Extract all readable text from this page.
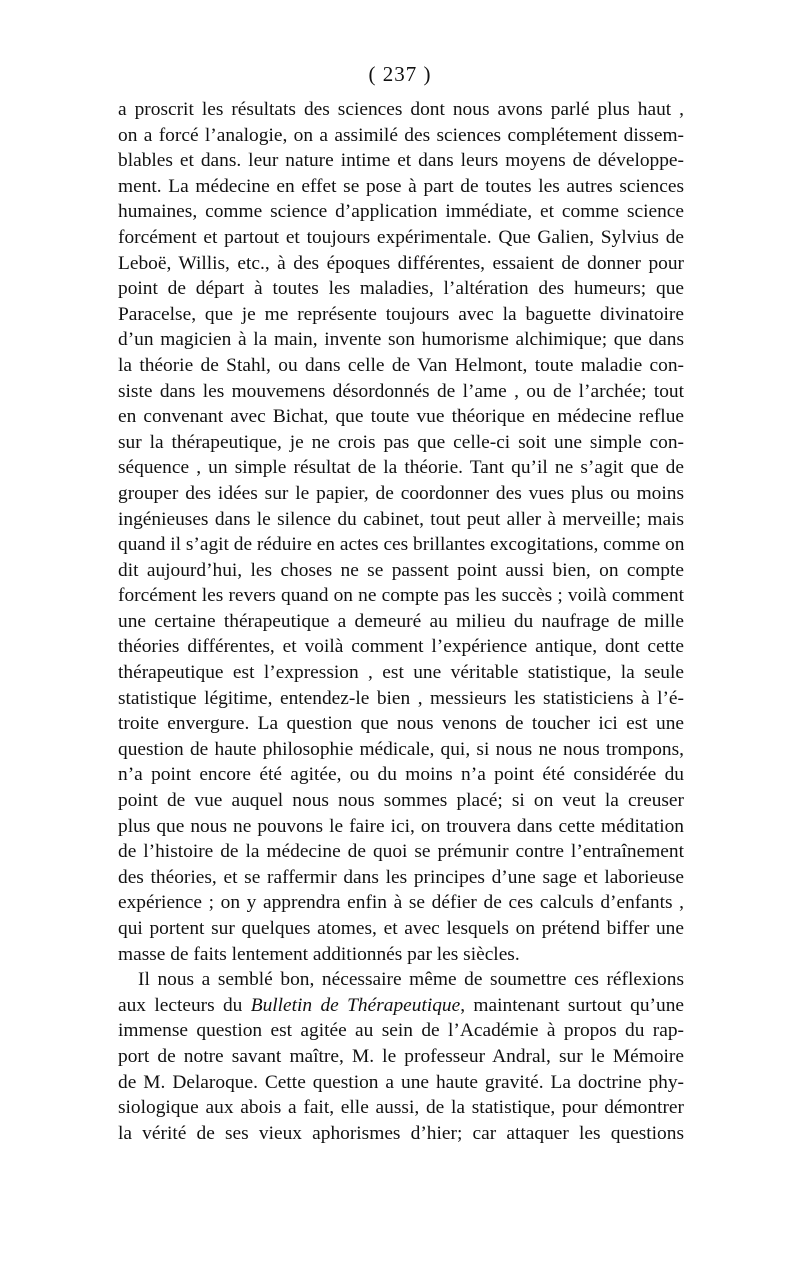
( 237 )
a proscrit les résultats des sciences dont nous avons parlé plus haut ,
on a forcé l’analogie, on a assimilé des sciences complétement dissem-
blables et dans. leur nature intime et dans leurs moyens de développe-
ment. La médecine en effet se pose à part de toutes les autres sciences
humaines, comme science d’application immédiate, et comme science
forcément et partout et toujours expérimentale. Que Galien, Sylvius de
Leboë, Willis, etc., à des époques différentes, essaient de donner pour
point de départ à toutes les maladies, l’altération des humeurs; que
Paracelse, que je me représente toujours avec la baguette divinatoire
d’un magicien à la main, invente son humorisme alchimique; que dans
la théorie de Stahl, ou dans celle de Van Helmont, toute maladie con-
siste dans les mouvemens désordonnés de l’ame , ou de l’archée; tout
en convenant avec Bichat, que toute vue théorique en médecine reflue
sur la thérapeutique, je ne crois pas que celle-ci soit une simple con-
séquence , un simple résultat de la théorie. Tant qu’il ne s’agit que de
grouper des idées sur le papier, de coordonner des vues plus ou moins
ingénieuses dans le silence du cabinet, tout peut aller à merveille; mais
quand il s’agit de réduire en actes ces brillantes excogitations, comme on
dit aujourd’hui, les choses ne se passent point aussi bien, on compte
forcément les revers quand on ne compte pas les succès ; voilà comment
une certaine thérapeutique a demeuré au milieu du naufrage de mille
théories différentes, et voilà comment l’expérience antique, dont cette
thérapeutique est l’expression , est une véritable statistique, la seule
statistique légitime, entendez-le bien , messieurs les statisticiens à l’é-
troite envergure. La question que nous venons de toucher ici est une
question de haute philosophie médicale, qui, si nous ne nous trompons,
n’a point encore été agitée, ou du moins n’a point été considérée du
point de vue auquel nous nous sommes placé; si on veut la creuser
plus que nous ne pouvons le faire ici, on trouvera dans cette méditation
de l’histoire de la médecine de quoi se prémunir contre l’entraînement
des théories, et se raffermir dans les principes d’une sage et laborieuse
expérience ; on y apprendra enfin à se défier de ces calculs d’enfants ,
qui portent sur quelques atomes, et avec lesquels on prétend biffer une
masse de faits lentement additionnés par les siècles.
Il nous a semblé bon, nécessaire même de soumettre ces réflexions
aux lecteurs du Bulletin de Thérapeutique, maintenant surtout qu’une
immense question est agitée au sein de l’Académie à propos du rap-
port de notre savant maître, M. le professeur Andral, sur le Mémoire
de M. Delaroque. Cette question a une haute gravité. La doctrine phy-
siologique aux abois a fait, elle aussi, de la statistique, pour démontrer
la vérité de ses vieux aphorismes d’hier; car attaquer les questions
